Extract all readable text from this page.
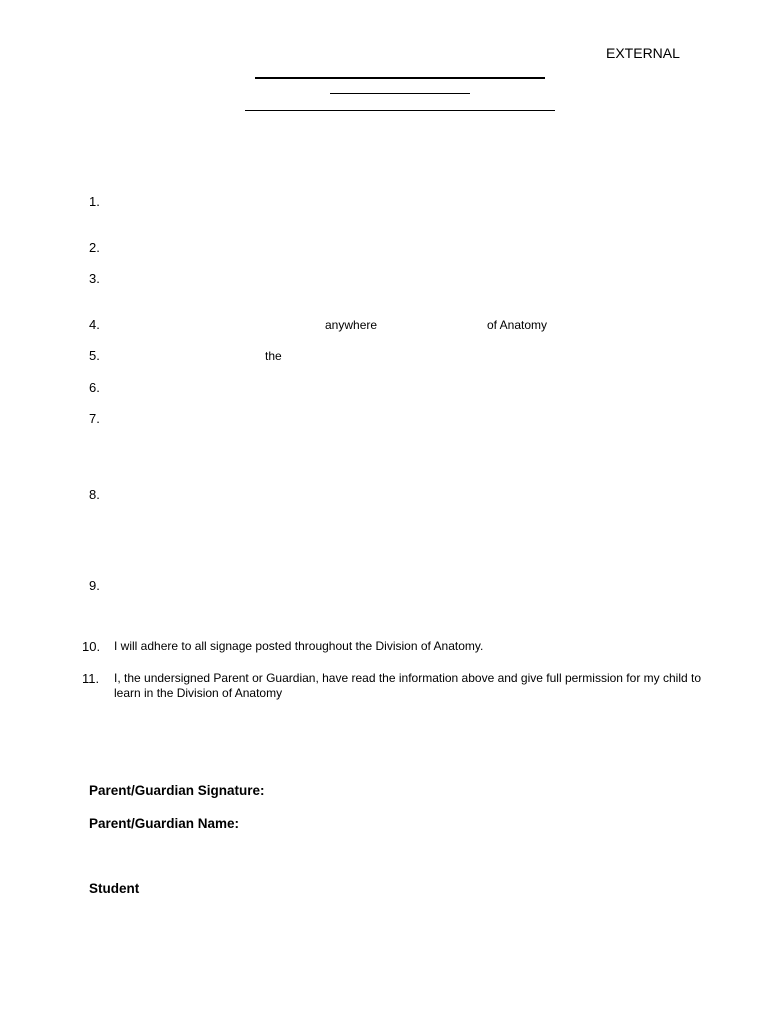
EXTERNAL
1.
2.
3.
4.	anywhere	of Anatomy
5.	the
6.
7.
8.
9.
10. I will adhere to all signage posted throughout the Division of Anatomy.
11. I, the undersigned Parent or Guardian, have read the information above and give full permission for my child to learn in the Division of Anatomy
Parent/Guardian Signature:
Parent/Guardian Name:
Student
